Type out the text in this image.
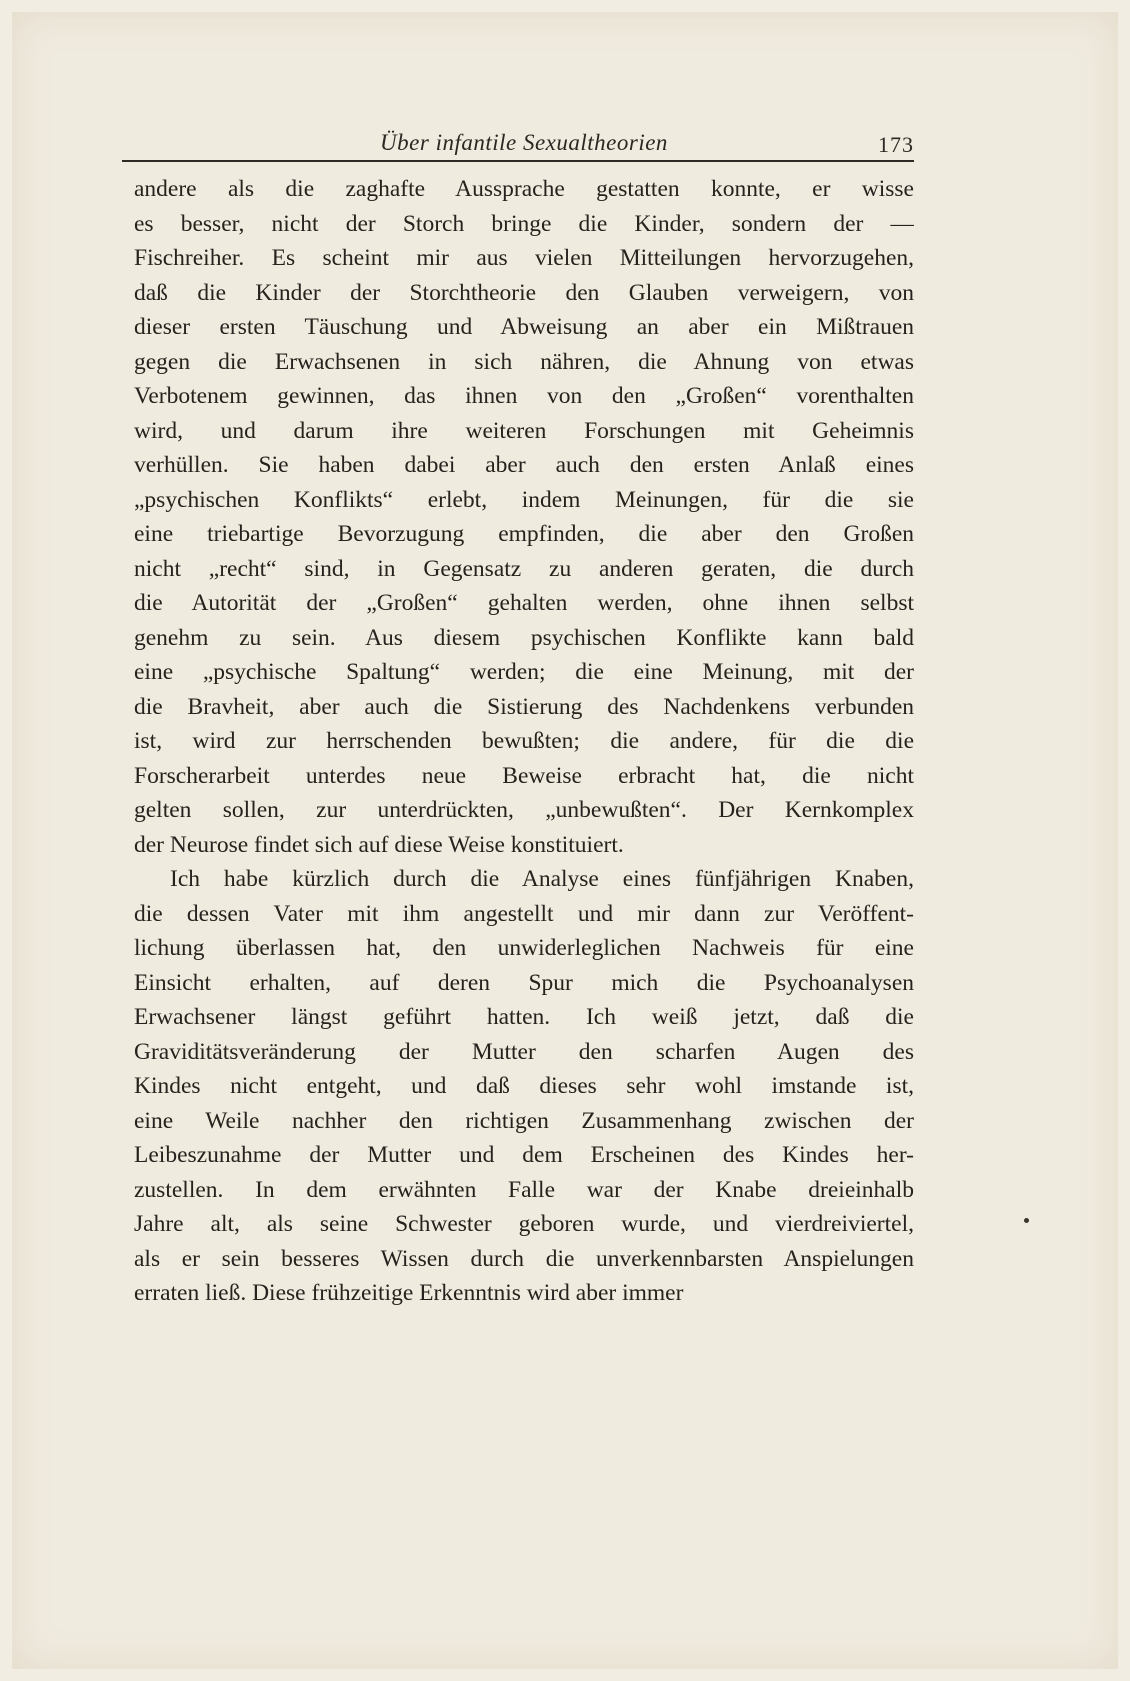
Über infantile Sexualtheorien	173
andere als die zaghafte Aussprache gestatten konnte, er wisse
es besser, nicht der Storch bringe die Kinder, sondern der —
Fischreiher. Es scheint mir aus vielen Mitteilungen hervorzugehen,
daß die Kinder der Storchtheorie den Glauben verweigern, von
dieser ersten Täuschung und Abweisung an aber ein Mißtrauen
gegen die Erwachsenen in sich nähren, die Ahnung von etwas
Verbotenem gewinnen, das ihnen von den „Großen“ vorenthalten
wird, und darum ihre weiteren Forschungen mit Geheimnis
verhüllen. Sie haben dabei aber auch den ersten Anlaß eines
„psychischen Konflikts“ erlebt, indem Meinungen, für die sie
eine triebartige Bevorzugung empfinden, die aber den Großen
nicht „recht“ sind, in Gegensatz zu anderen geraten, die durch
die Autorität der „Großen“ gehalten werden, ohne ihnen selbst
genehm zu sein. Aus diesem psychischen Konflikte kann bald
eine „psychische Spaltung“ werden; die eine Meinung, mit der
die Bravheit, aber auch die Sistierung des Nachdenkens verbunden
ist, wird zur herrschenden bewußten; die andere, für die die
Forscherarbeit unterdes neue Beweise erbracht hat, die nicht
gelten sollen, zur unterdrückten, „unbewußten“. Der Kernkomplex
der Neurose findet sich auf diese Weise konstituiert.
Ich habe kürzlich durch die Analyse eines fünfjährigen Knaben,
die dessen Vater mit ihm angestellt und mir dann zur Veröffent-
lichung überlassen hat, den unwiderleglichen Nachweis für eine
Einsicht erhalten, auf deren Spur mich die Psychoanalysen
Erwachsener längst geführt hatten. Ich weiß jetzt, daß die
Graviditätsveränderung der Mutter den scharfen Augen des
Kindes nicht entgeht, und daß dieses sehr wohl imstande ist,
eine Weile nachher den richtigen Zusammenhang zwischen der
Leibeszunahme der Mutter und dem Erscheinen des Kindes her-
zustellen. In dem erwähnten Falle war der Knabe dreieinhalb
Jahre alt, als seine Schwester geboren wurde, und vierdreiviertel,
als er sein besseres Wissen durch die unverkennbarsten Anspielungen
erraten ließ. Diese frühzeitige Erkenntnis wird aber immer
